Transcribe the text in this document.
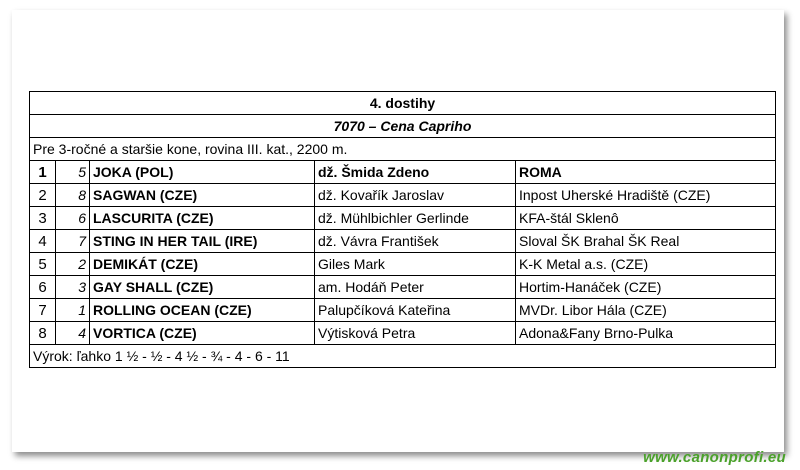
4. dostihy				
7070 – Cena Capriho				
Pre 3-ročné a staršie kone, rovina III. kat., 2200 m.				
1	5	JOKA (POL)	dž. Šmida Zdeno	ROMA
2	8	SAGWAN (CZE)	dž. Kovařík Jaroslav	Inpost Uherské Hradiště (CZE)
3	6	LASCURITA (CZE)	dž. Mühlbichler Gerlinde	KFA-štál Sklenô
4	7	STING IN HER TAIL (IRE)	dž. Vávra František	Sloval ŠK Brahal ŠK Real
5	2	DEMIKÁT (CZE)	Giles Mark	K-K Metal a.s. (CZE)
6	3	GAY SHALL (CZE)	am. Hodáň Peter	Hortim-Hanáček (CZE)
7	1	ROLLING OCEAN (CZE)	Palupčíková Kateřina	MVDr. Libor Hála (CZE)
8	4	VORTICA (CZE)	Výtisková Petra	Adona&Fany Brno-Pulka
Výrok: ľahko 1 ½ - ½ - 4 ½ - ¾ - 4 - 6 - 11				
www.canonprofi.eu
